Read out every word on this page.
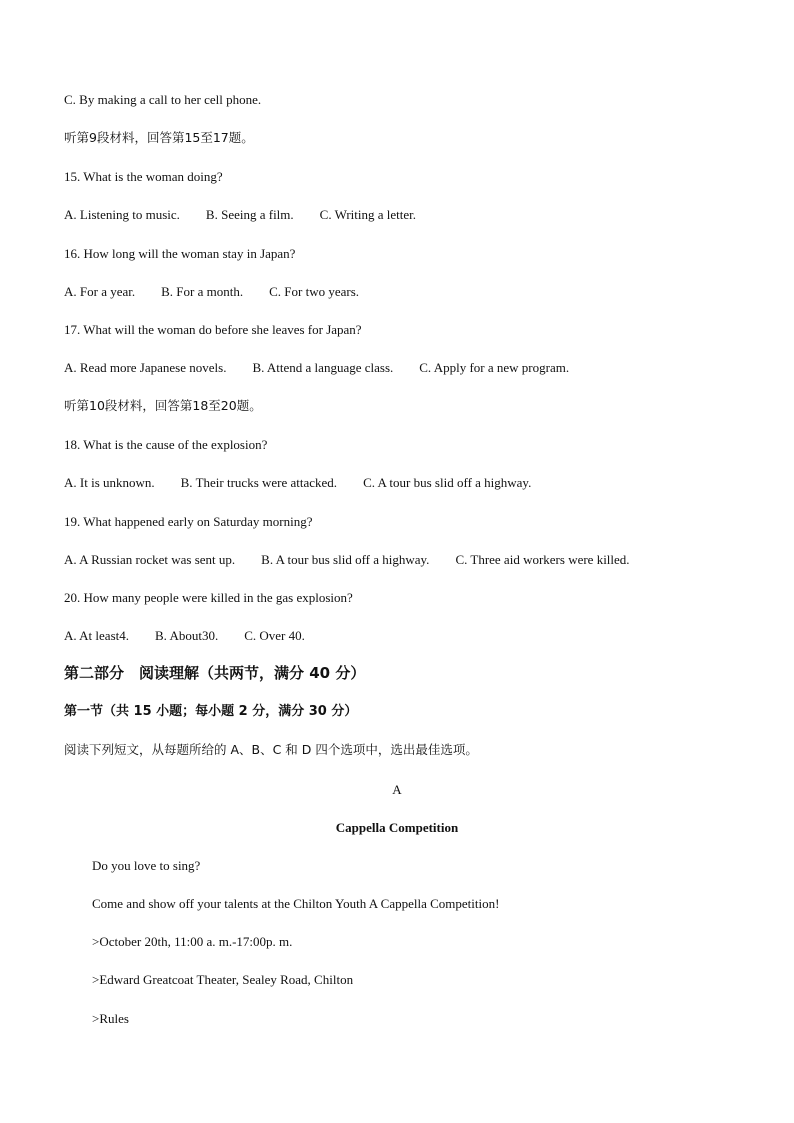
C. By making a call to her cell phone.
听第9段材料，回答第15至17题。
15. What is the woman doing?
A. Listening to music. B. Seeing a film. C. Writing a letter.
16. How long will the woman stay in Japan?
A. For a year. B. For a month. C. For two years.
17. What will the woman do before she leaves for Japan?
A. Read more Japanese novels. B. Attend a language class. C. Apply for a new program.
听第10段材料，回答第18至20题。
18. What is the cause of the explosion?
A. It is unknown. B. Their trucks were attacked. C. A tour bus slid off a highway.
19. What happened early on Saturday morning?
A. A Russian rocket was sent up. B. A tour bus slid off a highway. C. Three aid workers were killed.
20. How many people were killed in the gas explosion?
A. At least4. B. About30. C. Over 40.
第二部分　阅读理解（共两节，满分 40 分）
第一节（共 15 小题；每小题 2 分，满分 30 分）
阅读下列短文，从每题所给的 A、B、C 和 D 四个选项中，选出最佳选项。
A
Cappella Competition
Do you love to sing?
Come and show off your talents at the Chilton Youth A Cappella Competition!
>October 20th, 11:00 a. m.-17:00p. m.
>Edward Greatcoat Theater, Sealey Road, Chilton
>Rules
